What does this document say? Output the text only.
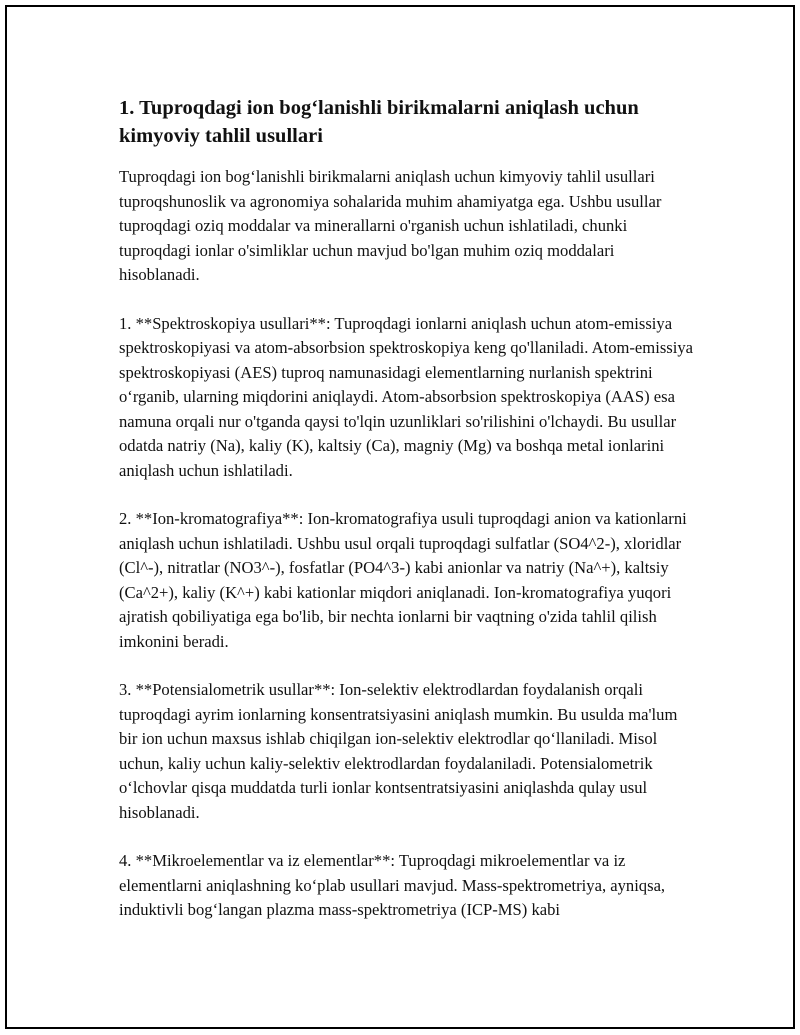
1. Tuproqdagi ion bog‘lanishli birikmalarni aniqlash uchun kimyoviy tahlil usullari

Tuproqdagi ion bog‘lanishli birikmalarni aniqlash uchun kimyoviy tahlil usullari tuproqshunoslik va agronomiya sohalarida muhim ahamiyatga ega. Ushbu usullar tuproqdagi oziq moddalar va minerallarni o'rganish uchun ishlatiladi, chunki tuproqdagi ionlar o'simliklar uchun mavjud bo'lgan muhim oziq moddalari hisoblanadi.

1. **Spektroskopiya usullari**: Tuproqdagi ionlarni aniqlash uchun atom-emissiya spektroskopiyasi va atom-absorbsion spektroskopiya keng qo'llaniladi. Atom-emissiya spektroskopiyasi (AES) tuproq namunasidagi elementlarning nurlanish spektrini o‘rganib, ularning miqdorini aniqlaydi. Atom-absorbsion spektroskopiya (AAS) esa namuna orqali nur o'tganda qaysi to'lqin uzunliklari so'rilishini o'lchaydi. Bu usullar odatda natriy (Na), kaliy (K), kaltsiy (Ca), magniy (Mg) va boshqa metal ionlarini aniqlash uchun ishlatiladi.

2. **Ion-kromatografiya**: Ion-kromatografiya usuli tuproqdagi anion va kationlarni aniqlash uchun ishlatiladi. Ushbu usul orqali tuproqdagi sulfatlar (SO4^2-), xloridlar (Cl^-), nitratlar (NO3^-), fosfatlar (PO4^3-) kabi anionlar va natriy (Na^+), kaltsiy (Ca^2+), kaliy (K^+) kabi kationlar miqdori aniqlanadi. Ion-kromatografiya yuqori ajratish qobiliyatiga ega bo'lib, bir nechta ionlarni bir vaqtning o'zida tahlil qilish imkonini beradi.

3. **Potensialometrik usullar**: Ion-selektiv elektrodlardan foydalanish orqali tuproqdagi ayrim ionlarning konsentratsiyasini aniqlash mumkin. Bu usulda ma'lum bir ion uchun maxsus ishlab chiqilgan ion-selektiv elektrodlar qo‘llaniladi. Misol uchun, kaliy uchun kaliy-selektiv elektrodlardan foydalaniladi. Potensialometrik o‘lchovlar qisqa muddatda turli ionlar kontsentratsiyasini aniqlashda qulay usul hisoblanadi.

4. **Mikroelementlar va iz elementlar**: Tuproqdagi mikroelementlar va iz elementlarni aniqlashning ko‘plab usullari mavjud. Mass-spektrometriya, ayniqsa, induktivli bog‘langan plazma mass-spektrometriya (ICP-MS) kabi
